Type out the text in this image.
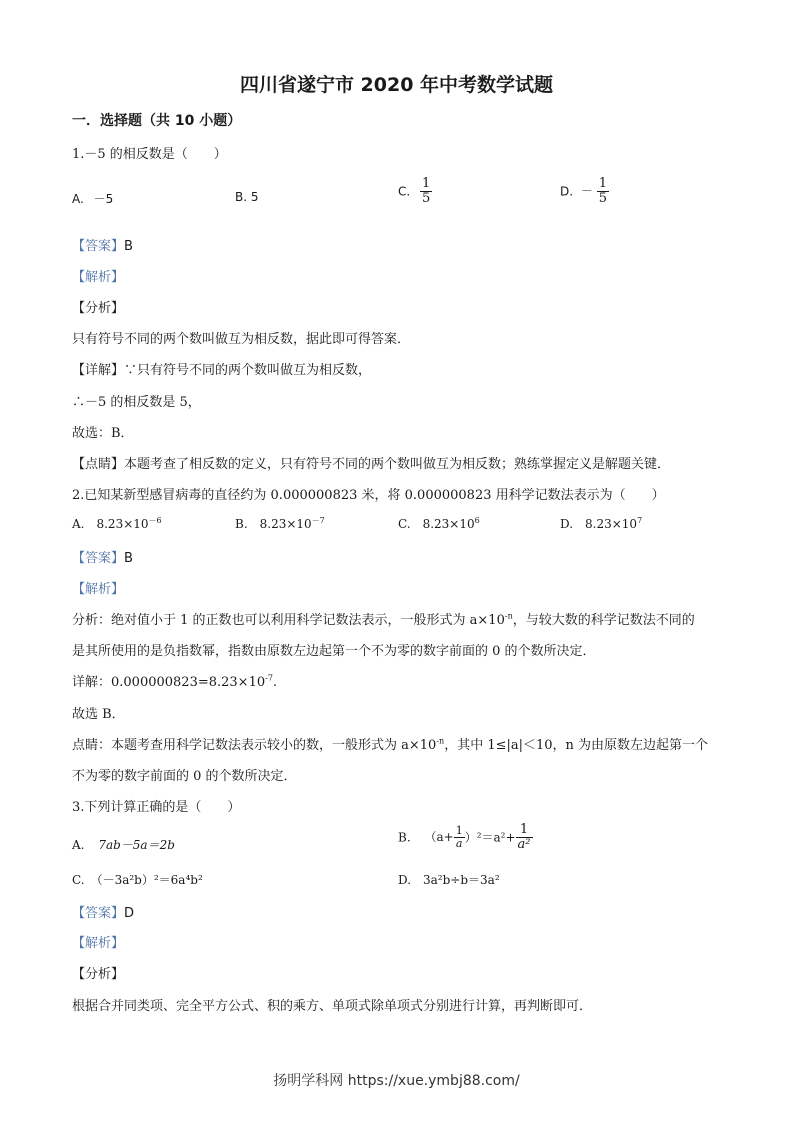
四川省遂宁市 2020 年中考数学试题
一．选择题（共 10 小题）
1.－5 的相反数是（　　）
A. －5	B. 5	C. $\frac{1}{5}$	D. － $\frac{1}{5}$
【答案】B
【解析】
【分析】
只有符号不同的两个数叫做互为相反数，据此即可得答案．
【详解】∵只有符号不同的两个数叫做互为相反数，
∴－5 的相反数是 5，
故选：B．
【点睛】本题考查了相反数的定义，只有符号不同的两个数叫做互为相反数；熟练掌握定义是解题关键．
2.已知某新型感冒病毒的直径约为 0.000000823 米，将 0.000000823 用科学记数法表示为（　　）
A.　$8.23\times 10^{-6}$	B.　$8.23\times 10^{-7}$	C.　$8.23\times 10^6$	D.　$8.23\times 10^7$
【答案】B
【解析】
分析：绝对值小于 1 的正数也可以利用科学记数法表示，一般形式为 $a\times 10^{-n}$，与较大数的科学记数法不同的
是其所使用的是负指数幂，指数由原数左边起第一个不为零的数字前面的 0 的个数所决定．
详解：$0.000000823=8.23\times 10^{-7}$.
故选 B．
点睛：本题考查用科学记数法表示较小的数，一般形式为 $a\times 10^{-n}$，其中 1≤|a|＜10，n 为由原数左边起第一个
不为零的数字前面的 0 的个数所决定．
3.下列计算正确的是（　　）
A. 7ab－5a＝2b
B. $(a+ \frac{1}{a} )^2=a^2+ \frac{1}{\text{a²}}$
C.　（－3a²b）²＝6a⁴b²	D.　3a²b÷b＝3a²
【答案】D
【解析】
【分析】
根据合并同类项、完全平方公式、积的乘方、单项式除单项式分别进行计算，再判断即可．
扬明学科网 https://xue.ymbj88.com/
